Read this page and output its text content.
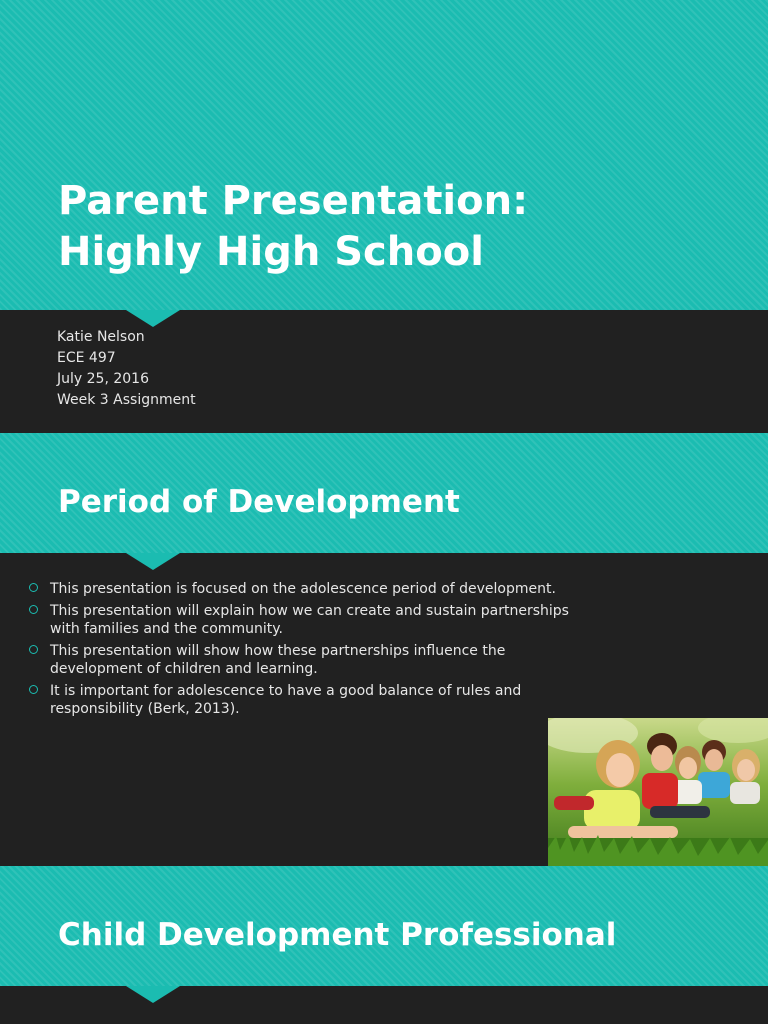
Parent Presentation:
Highly High School
Katie Nelson
ECE 497
July 25, 2016
Week 3 Assignment
Period of Development
This presentation is focused on the adolescence period of development.
This presentation will explain how we can create and sustain partnerships
with families and the community.
This presentation will show how these partnerships influence the
development of children and learning.
It is important for adolescence to have a good balance of rules and
responsibility (Berk, 2013).
Child Development Professional
